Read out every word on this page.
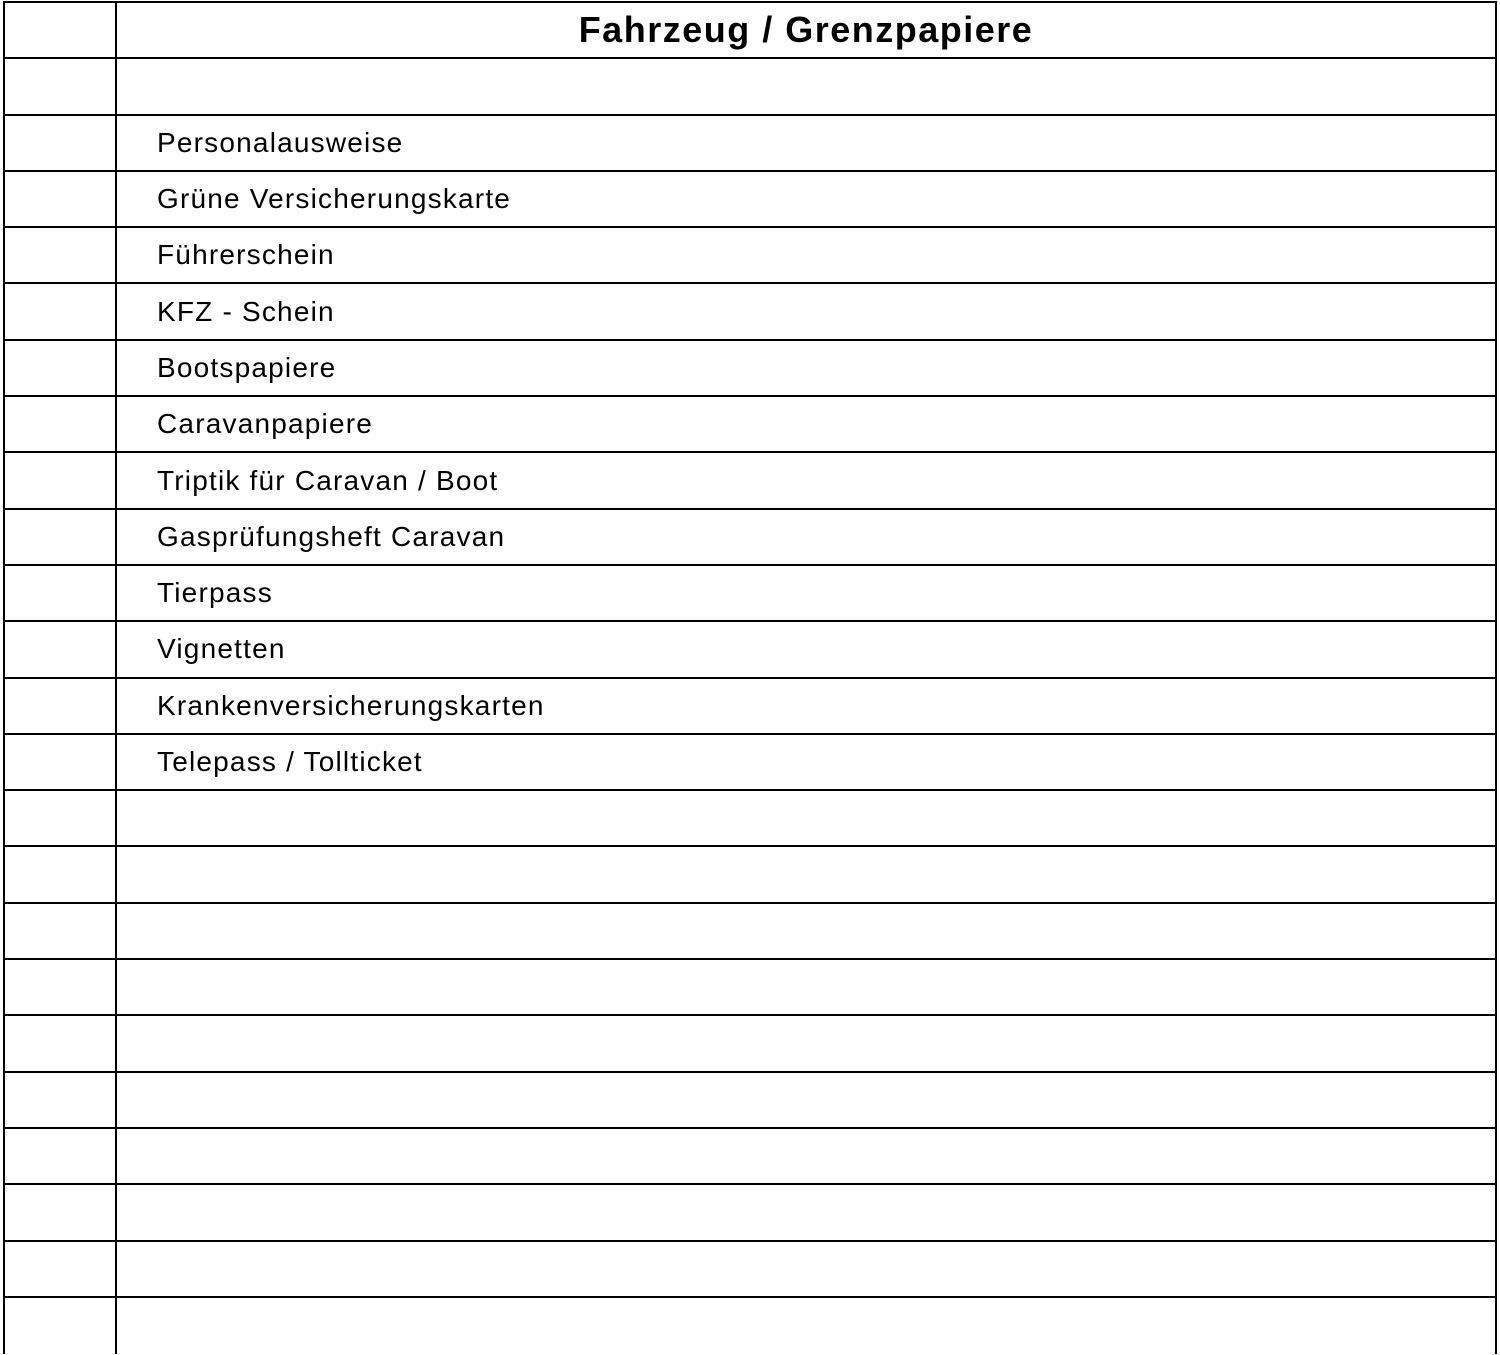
Fahrzeug / Grenzpapiere
Personalausweise
Grüne Versicherungskarte
Führerschein
KFZ - Schein
Bootspapiere
Caravanpapiere
Triptik für Caravan / Boot
Gasprüfungsheft Caravan
Tierpass
Vignetten
Krankenversicherungskarten
Telepass / Tollticket
